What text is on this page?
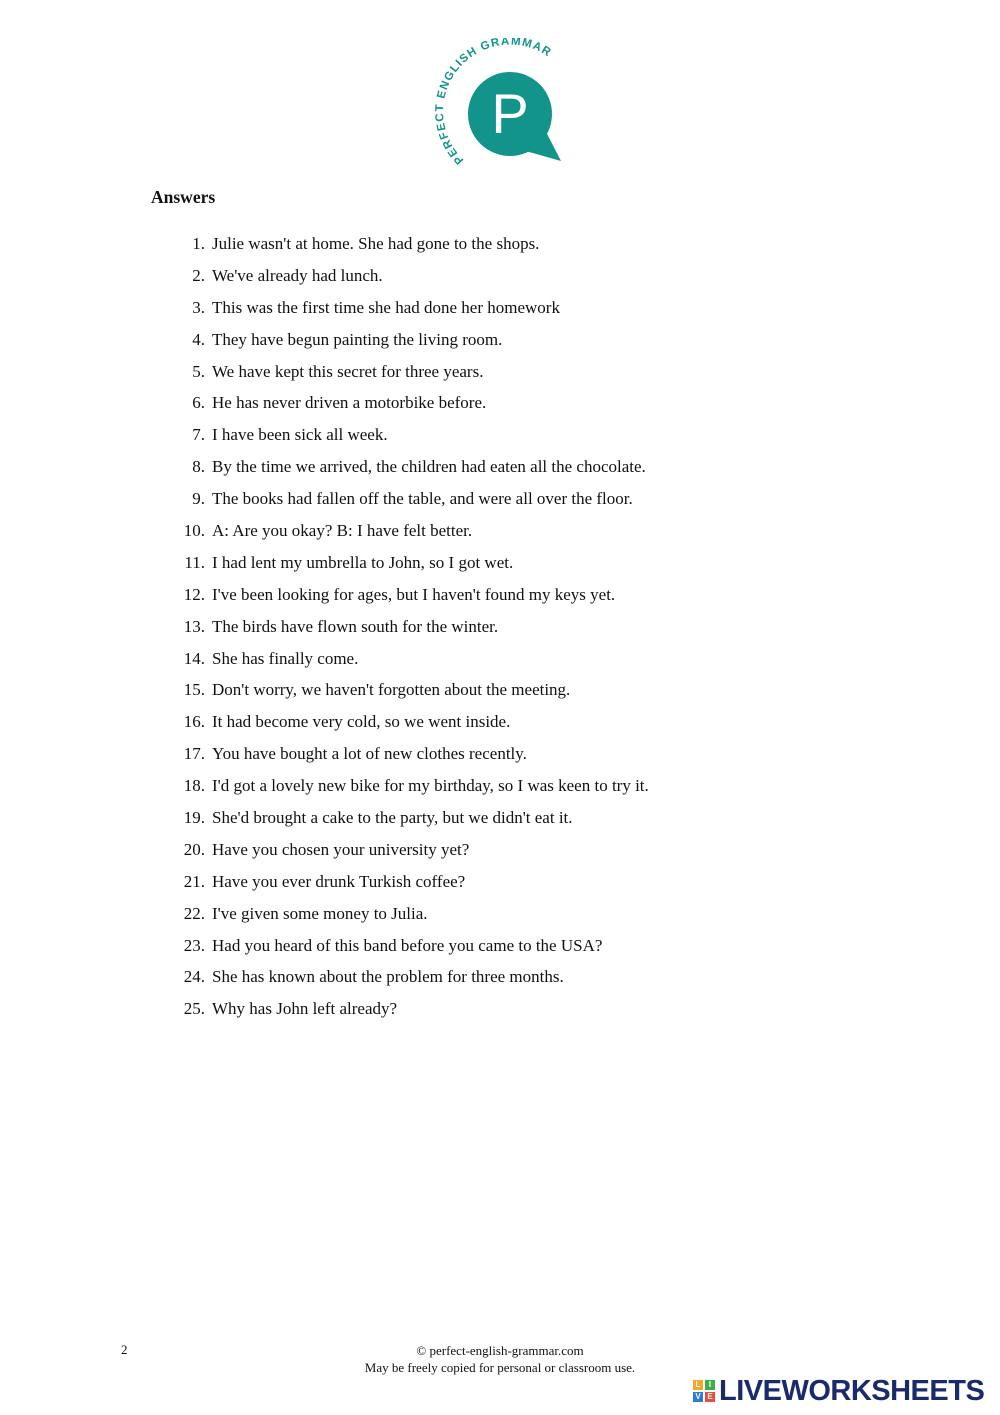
PERFECT ENGLISH GRAMMAR
P
Answers
1. Julie wasn't at home. She had gone to the shops.
2. We've already had lunch.
3. This was the first time she had done her homework
4. They have begun painting the living room.
5. We have kept this secret for three years.
6. He has never driven a motorbike before.
7. I have been sick all week.
8. By the time we arrived, the children had eaten all the chocolate.
9. The books had fallen off the table, and were all over the floor.
10. A: Are you okay? B: I have felt better.
11. I had lent my umbrella to John, so I got wet.
12. I've been looking for ages, but I haven't found my keys yet.
13. The birds have flown south for the winter.
14. She has finally come.
15. Don't worry, we haven't forgotten about the meeting.
16. It had become very cold, so we went inside.
17. You have bought a lot of new clothes recently.
18. I'd got a lovely new bike for my birthday, so I was keen to try it.
19. She'd brought a cake to the party, but we didn't eat it.
20. Have you chosen your university yet?
21. Have you ever drunk Turkish coffee?
22. I've given some money to Julia.
23. Had you heard of this band before you came to the USA?
24. She has known about the problem for three months.
25. Why has John left already?
2	© perfect-english-grammar.com
May be freely copied for personal or classroom use.
L	I
V E LIVEWORKSHEETS
